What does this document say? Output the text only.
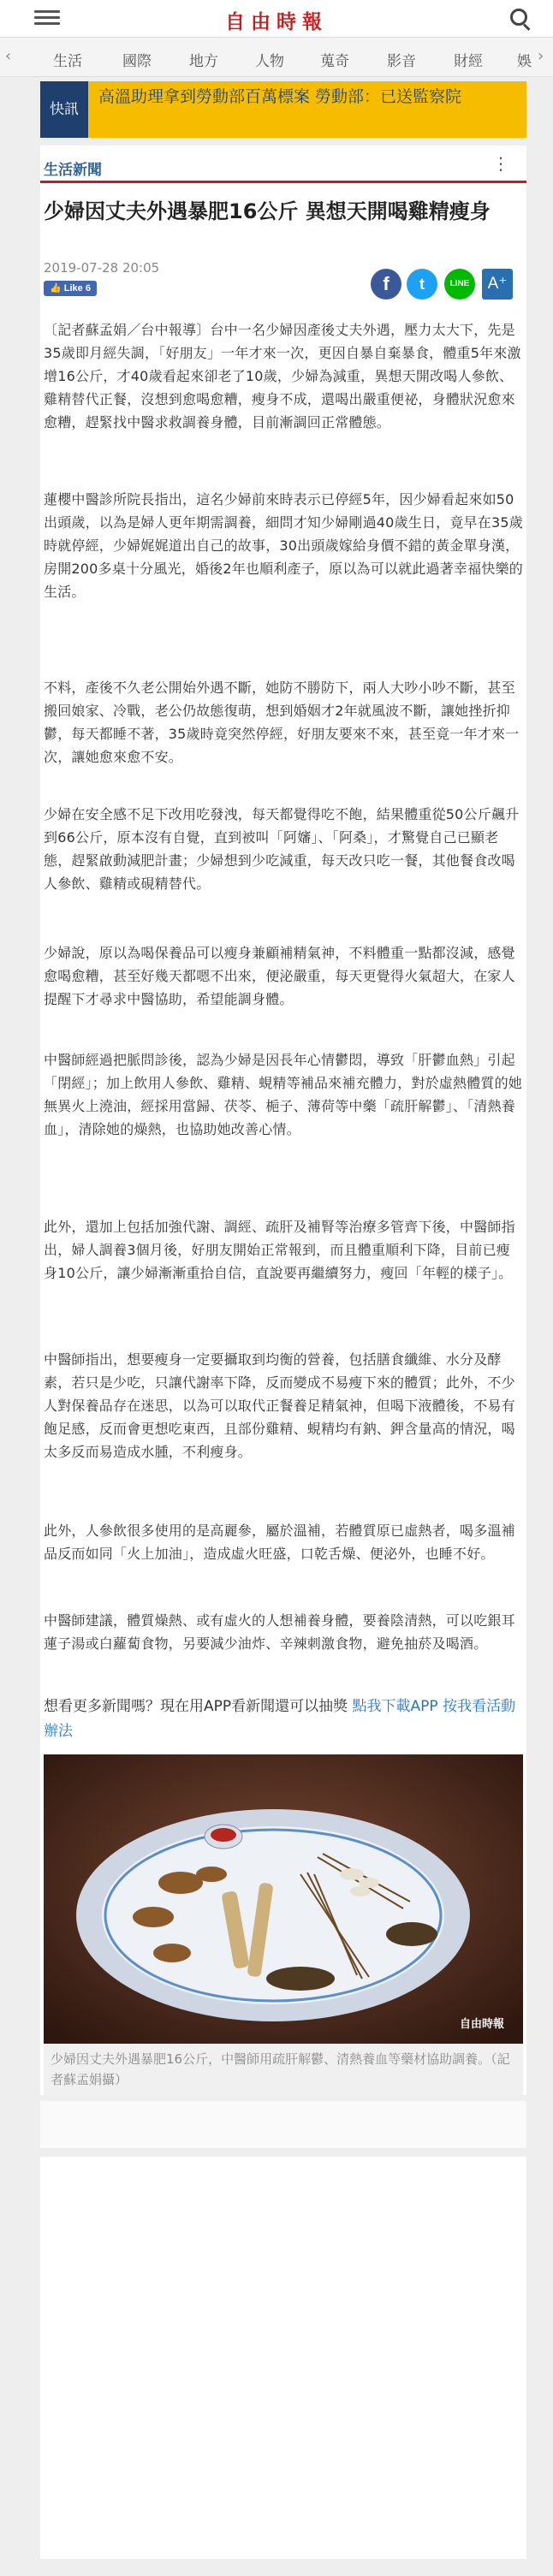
自由時報
‹	生活	國際	地方	人物 蒐奇	影音	財經 娛 ›
快訊
高溫助理拿到勞動部百萬標案 勞動部：已送監察院
生活新聞	⋮
少婦因丈夫外遇暴肥16公斤 異想天開喝雞精瘦身
2019-07-28 20:05
👍 Like 6	f	t	LINE	A⁺

〔記者蘇孟娟／台中報導〕台中一名少婦因產後丈夫外遇，壓力太大下，先是35歲即月經失調，「好朋友」一年才來一次，更因自暴自棄暴食，體重5年來激增16公斤，才40歲看起來卻老了10歲，少婦為減重，異想天開改喝人參飲、雞精替代正餐，沒想到愈喝愈糟，瘦身不成，還喝出嚴重便祕，身體狀況愈來愈糟，趕緊找中醫求救調養身體，目前漸調回正常體態。

蓮櫻中醫診所院長指出，這名少婦前來時表示已停經5年，因少婦看起來如50出頭歲，以為是婦人更年期需調養，細問才知少婦剛過40歲生日，竟早在35歲時就停經，少婦娓娓道出自己的故事，30出頭歲嫁給身價不錯的黃金單身漢，房開200多桌十分風光，婚後2年也順利產子，原以為可以就此過著幸福快樂的生活。

不料，產後不久老公開始外遇不斷，她防不勝防下，兩人大吵小吵不斷，甚至搬回娘家、冷戰，老公仍故態復萌，想到婚姻才2年就風波不斷，讓她挫折抑鬱，每天都睡不著，35歲時竟突然停經，好朋友要來不來，甚至竟一年才來一次，讓她愈來愈不安。

少婦在安全感不足下改用吃發洩，每天都覺得吃不飽，結果體重從50公斤飆升到66公斤，原本沒有自覺，直到被叫「阿嬸」、「阿桑」，才驚覺自己已顯老態，趕緊啟動減肥計畫；少婦想到少吃減重，每天改只吃一餐，其他餐食改喝人參飲、雞精或硯精替代。

少婦說，原以為喝保養品可以瘦身兼顧補精氣神，不料體重一點都沒減，感覺愈喝愈糟，甚至好幾天都嗯不出來，便泌嚴重，每天更覺得火氣超大，在家人提醒下才尋求中醫協助，希望能調身體。

中醫師經過把脈問診後，認為少婦是因長年心情鬱悶，導致「肝鬱血熱」引起「閉經」；加上飲用人參飲、雞精、蜆精等補品來補充體力，對於虛熱體質的她無異火上澆油，經採用當歸、茯苓、梔子、薄荷等中藥「疏肝解鬱」、「清熱養血」，清除她的燥熱，也協助她改善心情。

此外，還加上包括加強代謝、調經、疏肝及補腎等治療多管齊下後，中醫師指出，婦人調養3個月後，好朋友開始正常報到，而且體重順利下降，目前已瘦身10公斤，讓少婦漸漸重拾自信，直說要再繼續努力，瘦回「年輕的樣子」。

中醫師指出，想要瘦身一定要攝取到均衡的營養，包括膳食纖維、水分及酵素，若只是少吃，只讓代謝率下降，反而變成不易瘦下來的體質；此外，不少人對保養品存在迷思，以為可以取代正餐養足精氣神，但喝下液體後，不易有飽足感，反而會更想吃東西，且部份雞精、蜆精均有鈉、鉀含量高的情況，喝太多反而易造成水腫，不利瘦身。

此外，人參飲很多使用的是高麗參，屬於溫補，若體質原已虛熱者，喝多溫補品反而如同「火上加油」，造成虛火旺盛，口乾舌燥、便泌外，也睡不好。

中醫師建議，體質燥熱、或有虛火的人想補養身體，要養陰清熱，可以吃銀耳蓮子湯或白蘿蔔食物，另要減少油炸、辛辣刺激食物，避免抽菸及喝酒。

想看更多新聞嗎？現在用APP看新聞還可以抽獎 點我下載APP 按我看活動辦法
自由時報
少婦因丈夫外遇暴肥16公斤，中醫師用疏肝解鬱、清熱養血等藥材協助調養。（記者蘇孟娟攝）
